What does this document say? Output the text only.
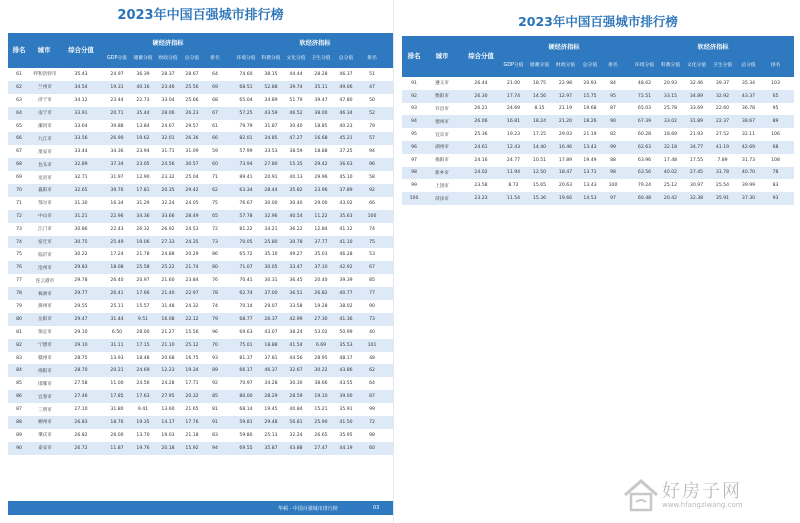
2023年中国百强城市排行榜
排名	城市	综合分值
硬经济指标	软经济指标
GDP分值	储蓄分值	财政分值	总分值	排名	环境分值	科教分值	文化分值	卫生分值	总分值	排名
61	呼和浩特市	35.43	24.97	36.39	28.37	28.67	64	74.60	38.15	44.44	28.28	46.37	51
62	兰州市	34.54	19.31	40.16	23.46	25.56	69	68.51	52.88	39.74	35.11	49.06	47
63	济宁市	34.12	23.44	22.73	33.04	25.66	68	65.04	34.89	51.79	39.47	47.80	50
64	南宁市	33.91	20.71	35.44	28.06	26.23	67	57.25	43.59	46.52	38.00	46.34	52
65	漯河市	33.64	39.88	13.84	24.67	29.57	61	79.79	31.87	30.40	18.85	40.23	79
66	九江市	33.56	26.90	19.62	32.01	26.36	66	82.01	34.85	47.27	16.68	45.21	57
67	淮安市	33.44	34.36	23.94	31.71	31.09	59	57.99	33.53	38.59	18.88	37.25	94
68	包头市	32.89	37.34	23.05	24.56	30.57	60	73.94	27.80	15.35	29.42	36.63	96
69	龙岩市	32.71	31.97	12.90	23.32	25.04	71	89.41	20.91	40.13	29.96	45.10	58
70	襄阳市	32.65	39.76	17.81	20.35	29.42	62	63.34	28.44	35.82	23.96	37.89	92
71	鄂尔市	31.30	16.34	31.29	32.24	24.05	75	76.67	30.00	30.40	29.00	43.02	66
72	中山市	31.21	22.96	34.36	33.66	28.49	65	57.78	32.96	40.54	11.22	35.63	100
73	江门市	30.86	22.43	26.32	26.92	24.53	72	81.22	34.21	36.22	12.84	41.12	74
74	宿迁市	30.75	25.49	19.06	27.33	24.35	73	70.05	25.80	30.78	37.77	41.10	75
75	临沂市	30.22	17.24	21.78	24.88	20.29	86	65.72	35.10	49.27	35.03	46.28	53
76	沧州市	29.83	18.08	25.58	25.22	21.74	80	71.07	30.05	33.47	37.10	42.92	67
77	连云港市	29.78	26.40	20.97	21.60	23.84	76	70.41	30.31	36.45	20.40	39.39	85
78	株洲市	29.77	26.41	17.66	21.40	22.97	78	62.74	37.00	36.51	26.82	40.77	77
79	滁州市	29.55	25.11	15.57	31.48	24.32	74	70.14	29.07	33.58	19.28	38.02	90
80	岳阳市	29.47	31.44	9.51	16.08	22.12	79	68.77	26.37	42.99	27.30	41.36	73
81	保定市	29.10	6.50	28.00	21.27	15.56	96	69.63	43.07	38.24	53.02	50.99	40
82	宁德市	29.10	31.11	17.15	21.10	25.12	70	75.01	18.88	41.54	6.69	35.53	101
83	赣州市	28.75	13.93	18.48	20.68	16.75	93	81.37	37.81	44.56	28.95	48.17	48
84	绵阳市	28.70	20.21	24.69	12.23	19.34	89	66.17	46.37	32.67	30.22	43.86	62
85	邯郸市	27.58	11.00	24.56	24.28	17.71	92	70.97	34.28	30.30	38.66	43.55	64
86	宜春市	27.46	17.85	17.63	27.95	20.32	85	80.00	28.29	28.59	19.10	39.00	87
87	三明市	27.10	31.80	9.41	13.60	21.65	81	68.14	19.45	40.84	15.21	35.91	99
88	柳州市	26.83	18.76	19.35	14.17	17.76	91	59.81	29.48	56.81	25.90	41.50	72
89	肇庆市	26.82	26.00	13.70	19.03	21.18	83	59.80	25.13	32.24	26.65	35.95	98
90	泰安市	26.72	11.87	19.76	20.18	15.92	94	69.55	35.87	43.88	27.47	44.19	60
华顿 · 中国百强城市排行榜	03
2023年中国百强城市排行榜
排名	城市	综合分值
硬经济指标	软经济指标
GDP分值	储蓄分值	财政分值	总分值	排名	环境分值	科教分值	文化分值	卫生分值	总分值	排名
91	遵义市	26.44	21.00	18.75	22.98	20.93	84	48.62	20.93	32.46	39.37	35.34	103
92	衡阳市	26.30	17.74	14.56	12.97	15.75	95	72.51	33.15	34.89	32.92	43.37	65
93	许昌市	26.21	24.69	8.15	21.19	19.68	87	65.03	25.78	33.69	22.60	36.78	95
94	德州市	26.06	16.81	18.24	21.20	18.26	90	67.39	33.02	31.89	22.37	38.67	89
95	宜宾市	25.36	19.23	17.25	29.03	21.19	82	60.28	18.69	21.93	27.52	32.11	106
96	湖州市	24.61	12.43	14.40	16.46	13.43	99	62.63	32.18	34.77	41.19	42.69	68
97	揭阳市	24.16	24.77	10.51	17.89	19.49	88	63.96	17.48	17.55	7.89	31.73	108
98	新乡市	24.02	11.94	12.50	18.47	13.71	98	63.56	40.02	27.45	31.78	40.70	78
99	上饶市	23.58	8.72	15.65	20.63	13.43	100	79.24	25.12	30.97	25.54	39.99	83
100	菏泽市	23.23	11.54	15.36	19.66	14.53	97	60.48	20.42	32.38	35.91	37.30	93
好房子网
www.hfangziwang.com
